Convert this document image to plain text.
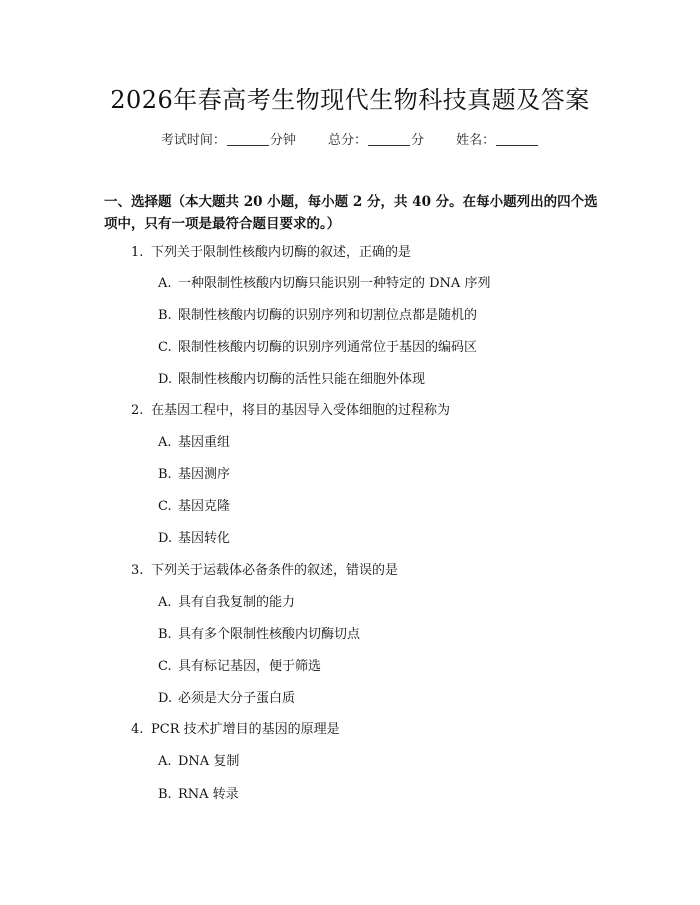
2026年春高考生物现代生物科技真题及答案
考试时间：	分钟 总分：	分 姓名：
一、选择题（本大题共 20 小题，每小题 2 分，共 40 分。在每小题列出的四个选项中，只有一项是最符合题目要求的。）
1. 下列关于限制性核酸内切酶的叙述，正确的是
A. 一种限制性核酸内切酶只能识别一种特定的 DNA 序列
B. 限制性核酸内切酶的识别序列和切割位点都是随机的
C. 限制性核酸内切酶的识别序列通常位于基因的编码区
D. 限制性核酸内切酶的活性只能在细胞外体现
2. 在基因工程中，将目的基因导入受体细胞的过程称为
A. 基因重组
B. 基因测序
C. 基因克隆
D. 基因转化
3. 下列关于运载体必备条件的叙述，错误的是
A. 具有自我复制的能力
B. 具有多个限制性核酸内切酶切点
C. 具有标记基因，便于筛选
D. 必须是大分子蛋白质
4. PCR 技术扩增目的基因的原理是
A. DNA 复制
B. RNA 转录
